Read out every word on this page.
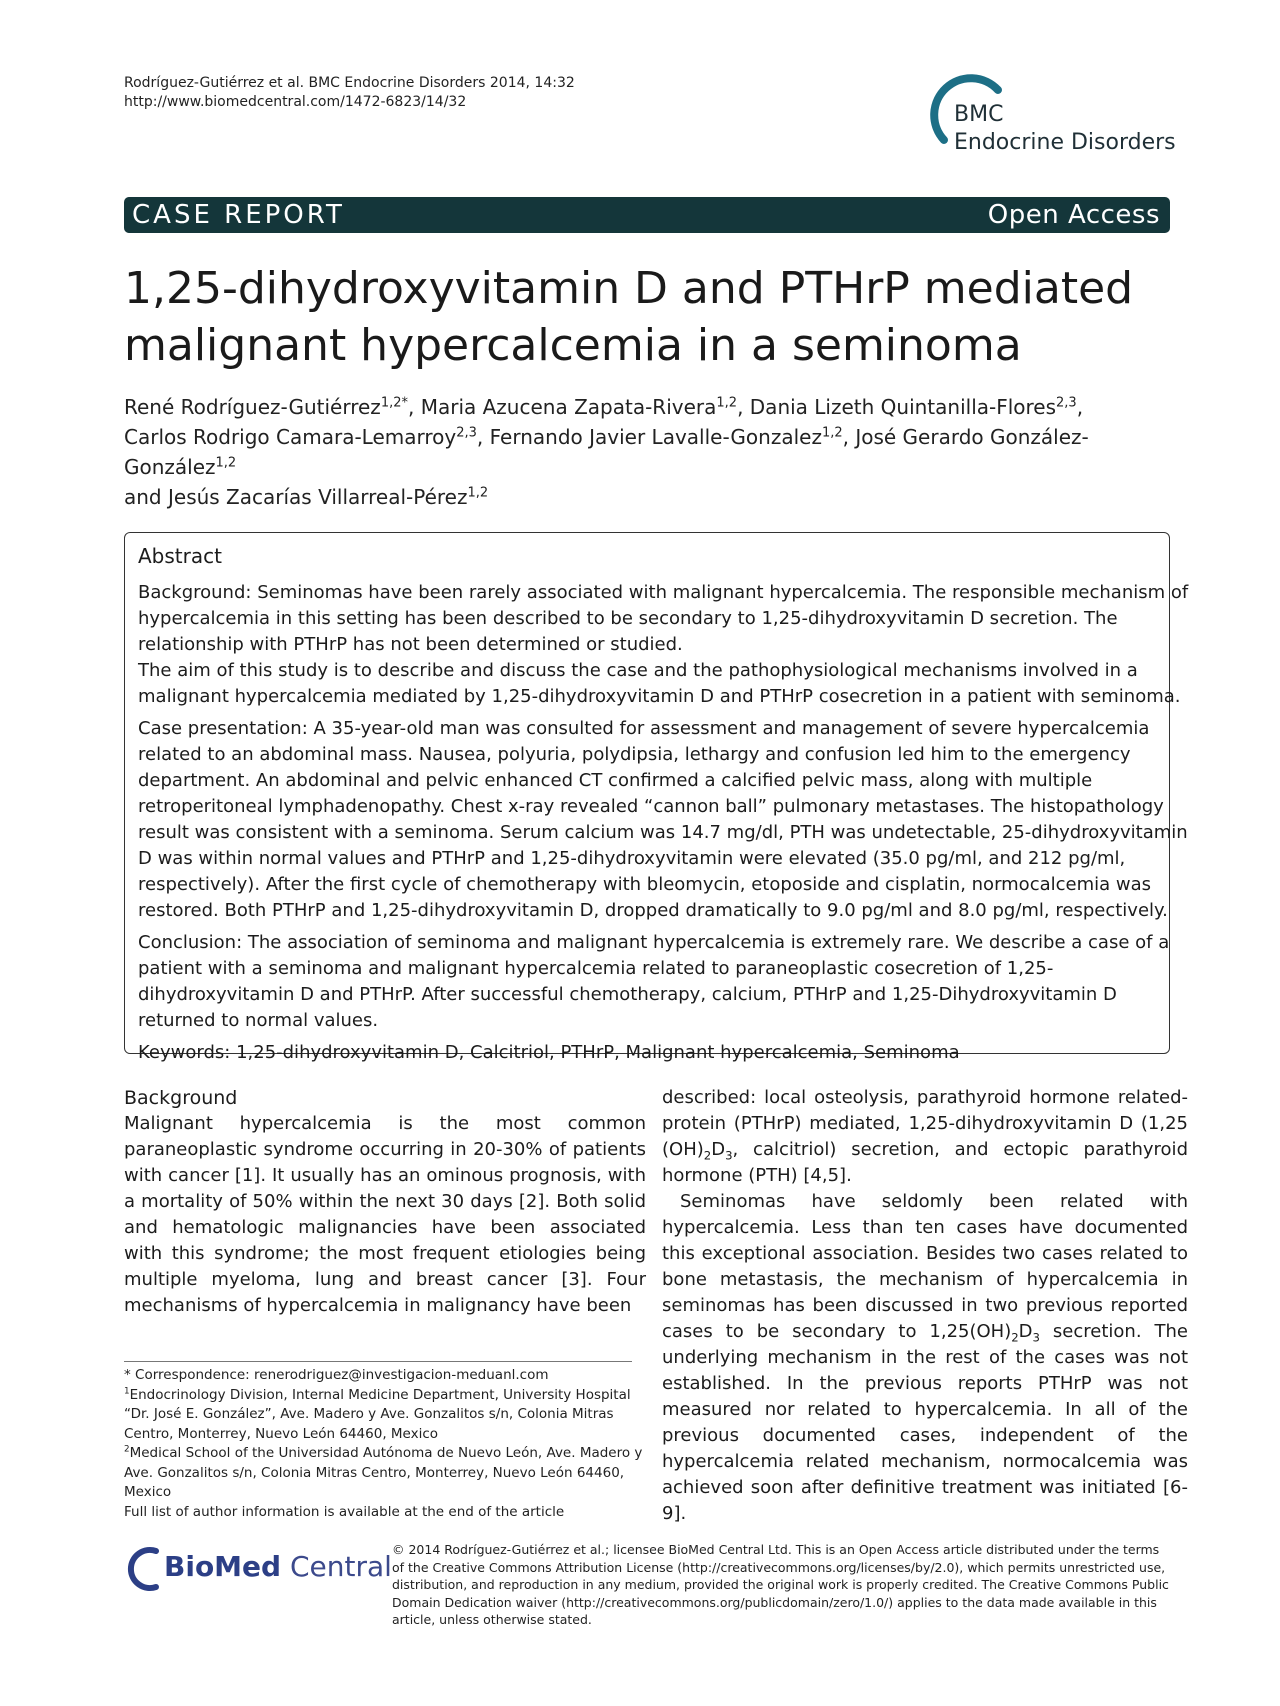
Rodríguez-Gutiérrez et al. BMC Endocrine Disorders 2014, 14:32
http://www.biomedcentral.com/1472-6823/14/32	BMC
Endocrine Disorders
CASE REPORT	Open Access
1,25-dihydroxyvitamin D and PTHrP mediated
malignant hypercalcemia in a seminoma
René Rodríguez-Gutiérrez$^{1,2*}$, Maria Azucena Zapata-Rivera$^{1,2}$, Dania Lizeth Quintanilla-Flores$^{2,3}$,
Carlos Rodrigo Camara-Lemarroy$^{2,3}$, Fernando Javier Lavalle-Gonzalez$^{1,2}$, José Gerardo González-González$^{1,2}$
and Jesús Zacarías Villarreal-Pérez$^{1,2}$
Abstract

Background: Seminomas have been rarely associated with malignant hypercalcemia. The responsible mechanism of hypercalcemia in this setting has been described to be secondary to 1,25-dihydroxyvitamin D secretion. The relationship with PTHrP has not been determined or studied.

The aim of this study is to describe and discuss the case and the pathophysiological mechanisms involved in a malignant hypercalcemia mediated by 1,25-dihydroxyvitamin D and PTHrP cosecretion in a patient with seminoma.

Case presentation: A 35-year-old man was consulted for assessment and management of severe hypercalcemia related to an abdominal mass. Nausea, polyuria, polydipsia, lethargy and confusion led him to the emergency department. An abdominal and pelvic enhanced CT confirmed a calcified pelvic mass, along with multiple retroperitoneal lymphadenopathy. Chest x-ray revealed “cannon ball” pulmonary metastases. The histopathology result was consistent with a seminoma. Serum calcium was 14.7 mg/dl, PTH was undetectable, 25-dihydroxyvitamin D was within normal values and PTHrP and 1,25-dihydroxyvitamin were elevated (35.0 pg/ml, and 212 pg/ml, respectively). After the first cycle of chemotherapy with bleomycin, etoposide and cisplatin, normocalcemia was restored. Both PTHrP and 1,25-dihydroxyvitamin D, dropped dramatically to 9.0 pg/ml and 8.0 pg/ml, respectively.

Conclusion: The association of seminoma and malignant hypercalcemia is extremely rare. We describe a case of a patient with a seminoma and malignant hypercalcemia related to paraneoplastic cosecretion of 1,25-dihydroxyvitamin D and PTHrP. After successful chemotherapy, calcium, PTHrP and 1,25-Dihydroxyvitamin D returned to normal values.

Keywords: 1,25-dihydroxyvitamin D, Calcitriol, PTHrP, Malignant hypercalcemia, Seminoma

Background

Malignant hypercalcemia is the most common paraneoplastic syndrome occurring in 20-30% of patients with cancer [1]. It usually has an ominous prognosis, with a mortality of 50% within the next 30 days [2]. Both solid and hematologic malignancies have been associated with this syndrome; the most frequent etiologies being multiple myeloma, lung and breast cancer [3]. Four mechanisms of hypercalcemia in malignancy have been

described: local osteolysis, parathyroid hormone related-protein (PTHrP) mediated, 1,25-dihydroxyvitamin D (1,25 $(OH)_2D_3$, calcitriol) secretion, and ectopic parathyroid hormone (PTH) [4,5].

Seminomas have seldomly been related with hypercalcemia. Less than ten cases have documented this exceptional association. Besides two cases related to bone metastasis, the mechanism of hypercalcemia in seminomas has been discussed in two previous reported cases to be secondary to $1,25(OH)_2D_3$ secretion. The underlying mechanism in the rest of the cases was not established. In the previous reports PTHrP was not measured nor related to hypercalcemia. In all of the previous documented cases, independent of the hypercalcemia related mechanism, normocalcemia was achieved soon after definitive treatment was initiated [6-9].

* Correspondence: renerodriguez@investigacion-meduanl.com
$^1$Endocrinology Division, Internal Medicine Department, University Hospital “Dr. José E. González”, Ave. Madero y Ave. Gonzalitos s/n, Colonia Mitras Centro, Monterrey, Nuevo León 64460, Mexico
$^2$Medical School of the Universidad Autónoma de Nuevo León, Ave. Madero y Ave. Gonzalitos s/n, Colonia Mitras Centro, Monterrey, Nuevo León 64460, Mexico
Full list of author information is available at the end of the article
BioMed Central
© 2014 Rodríguez-Gutiérrez et al.; licensee BioMed Central Ltd. This is an Open Access article distributed under the terms of the Creative Commons Attribution License (http://creativecommons.org/licenses/by/2.0), which permits unrestricted use, distribution, and reproduction in any medium, provided the original work is properly credited. The Creative Commons Public Domain Dedication waiver (http://creativecommons.org/publicdomain/zero/1.0/) applies to the data made available in this article, unless otherwise stated.
